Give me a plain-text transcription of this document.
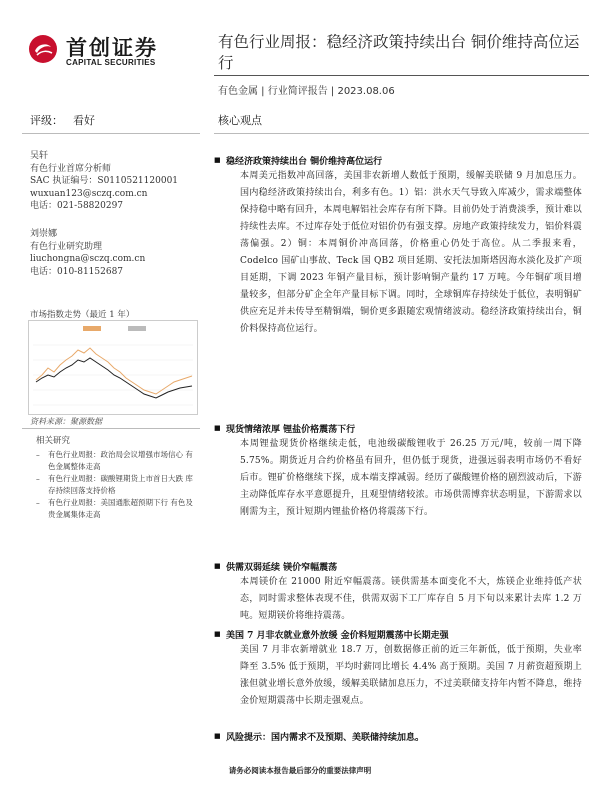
首创证券
CAPITAL SECURITIES
有色行业周报：稳经济政策持续出台 铜价维持高位运行
有色金属 | 行业简评报告 | 2023.08.06
评级： 看好
吴轩
有色行业首席分析师
SAC 执证编号：S0110521120001
wuxuan123@sczq.com.cn
电话：021-58820297
刘崇娜
有色行业研究助理
liuchongna@sczq.com.cn
电话：010-81152687
市场指数走势（最近 1 年）
资料来源：聚源数据
相关研究
– 有色行业周报：政治局会议增强市场信心 有色金属整体走高
– 有色行业周报：碳酸锂期货上市首日大跌 库存持续回落支持价格
– 有色行业周报：美国通胀超预期下行 有色及贵金属集体走高
核心观点
■ 稳经济政策持续出台 铜价维持高位运行
本周美元指数冲高回落，美国非农新增人数低于预期，缓解美联储 9 月加息压力。国内稳经济政策持续出台，利多有色。1）铝：洪水天气导致入库减少，需求端整体保持稳中略有回升，本周电解铝社会库存有所下降。目前仍处于消费淡季，预计难以持续性去库。不过库存处于低位对铝价仍有强支撑。房地产政策持续发力，铝价料震荡偏强。2）铜：本周铜价冲高回落，价格重心仍处于高位。从二季报来看，Codelco 国矿山事故、Teck 国 QB2 项目延期、安托法加斯塔因海水淡化及扩产项目延期，下调 2023 年铜产量目标，预计影响铜产量约 17 万吨。今年铜矿项目增量较多，但部分矿企全年产量目标下调。同时，全球铜库存持续处于低位，表明铜矿供应充足并未传导至精铜端，铜价更多跟随宏观情绪波动。稳经济政策持续出台，铜价料保持高位运行。
■ 现货情绪浓厚 锂盐价格震荡下行
本周锂盐现货价格继续走低，电池级碳酸锂收于 26.25 万元/吨，较前一周下降 5.75%。期货近月合约价格虽有回升，但仍低于现货，进强远弱表明市场仍不看好后市。锂矿价格继续下探，成本端支撑减弱。经历了碳酸锂价格的剧烈波动后，下游主动降低库存水平意愿提升，且观望情绪较浓。市场供需博弈状态明显，下游需求以刚需为主，预计短期内锂盐价格仍将震荡下行。
■ 供需双弱延续 镁价窄幅震荡
本周镁价在 21000 附近窄幅震荡。镁供需基本面变化不大，炼镁企业维持低产状态，同时需求整体表现不佳，供需双弱下工厂库存自 5 月下旬以来累计去库 1.2 万吨。短期镁价将维持震荡。
■ 美国 7 月非农就业意外放缓 金价料短期震荡中长期走强
美国 7 月非农新增就业 18.7 万，创数据修正前的近三年新低，低于预期，失业率降至 3.5% 低于预期，平均时薪同比增长 4.4% 高于预期。美国 7 月薪资超预期上涨但就业增长意外放缓，缓解美联储加息压力，不过美联储支持年内暂不降息，维持金价短期震荡中长期走强观点。
■ 风险提示：国内需求不及预期、美联储持续加息。
请务必阅读本报告最后部分的重要法律声明
